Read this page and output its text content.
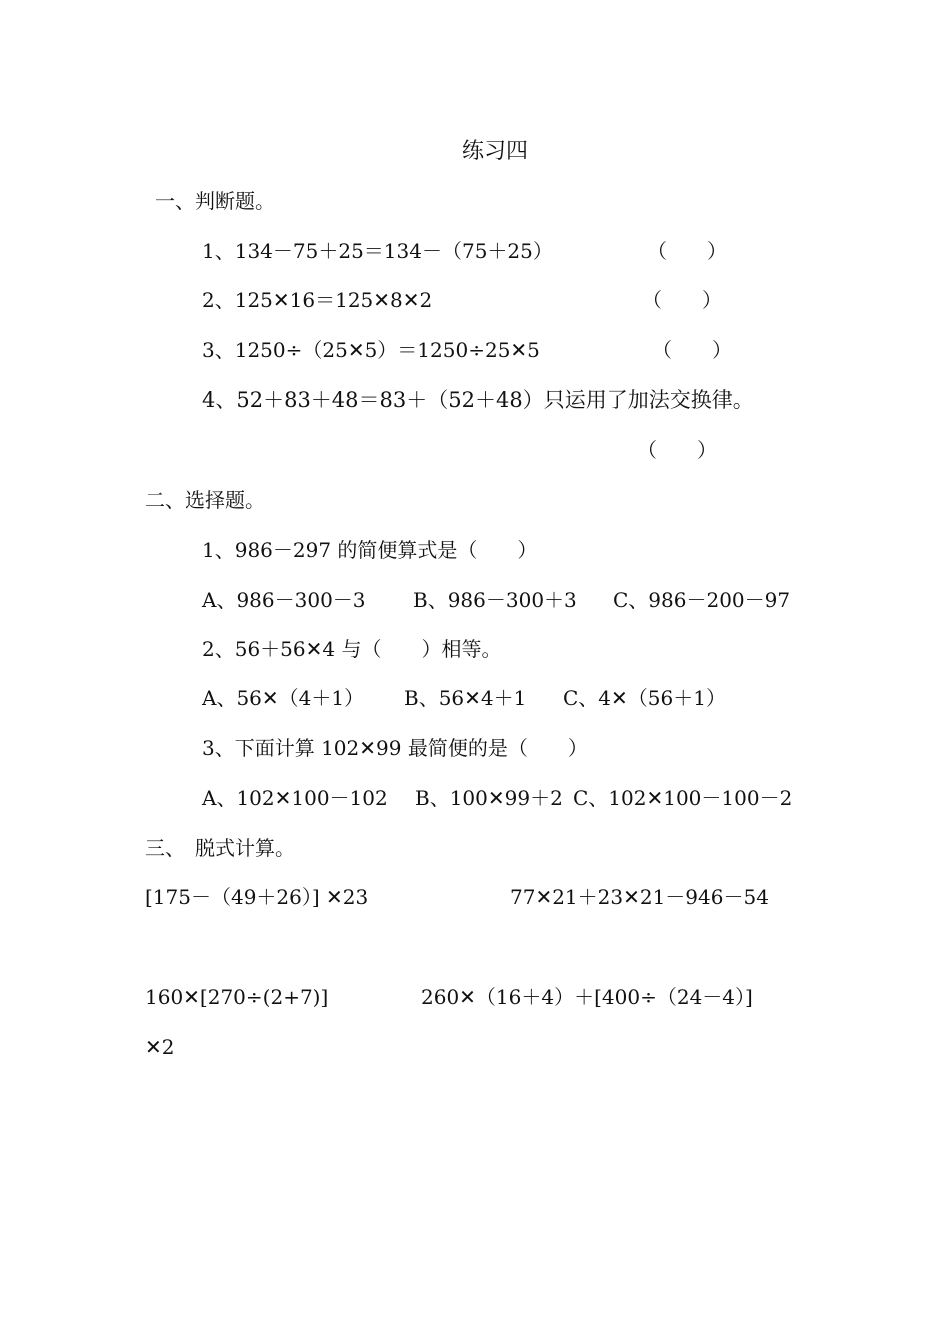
练习四
一、判断题。
1、134－75＋25＝134－（75＋25）	（　　）
2、125✕16＝125✕8✕2	（　　）
3、1250÷（25✕5）＝1250÷25✕5	（　　）
4、52＋83＋48＝83＋（52＋48）只运用了加法交换律。
（　　）
二、选择题。
1、986－297 的简便算式是（　　）
A、986－300－3 B、986－300＋3 C、986－200－97
2、56＋56✕4 与（　　）相等。
A、56✕（4＋1） B、56✕4＋1 C、4✕（56＋1）
3、下面计算 102✕99 最简便的是（　　）
A、102✕100－102 B、100✕99＋2 C、102✕100－100－2
三、　脱式计算。
[175－（49＋26）] ✕23	77✕21＋23✕21－946－54
160✕[270÷(2+7)]	260✕（16＋4）＋[400÷（24－4）]
✕2
